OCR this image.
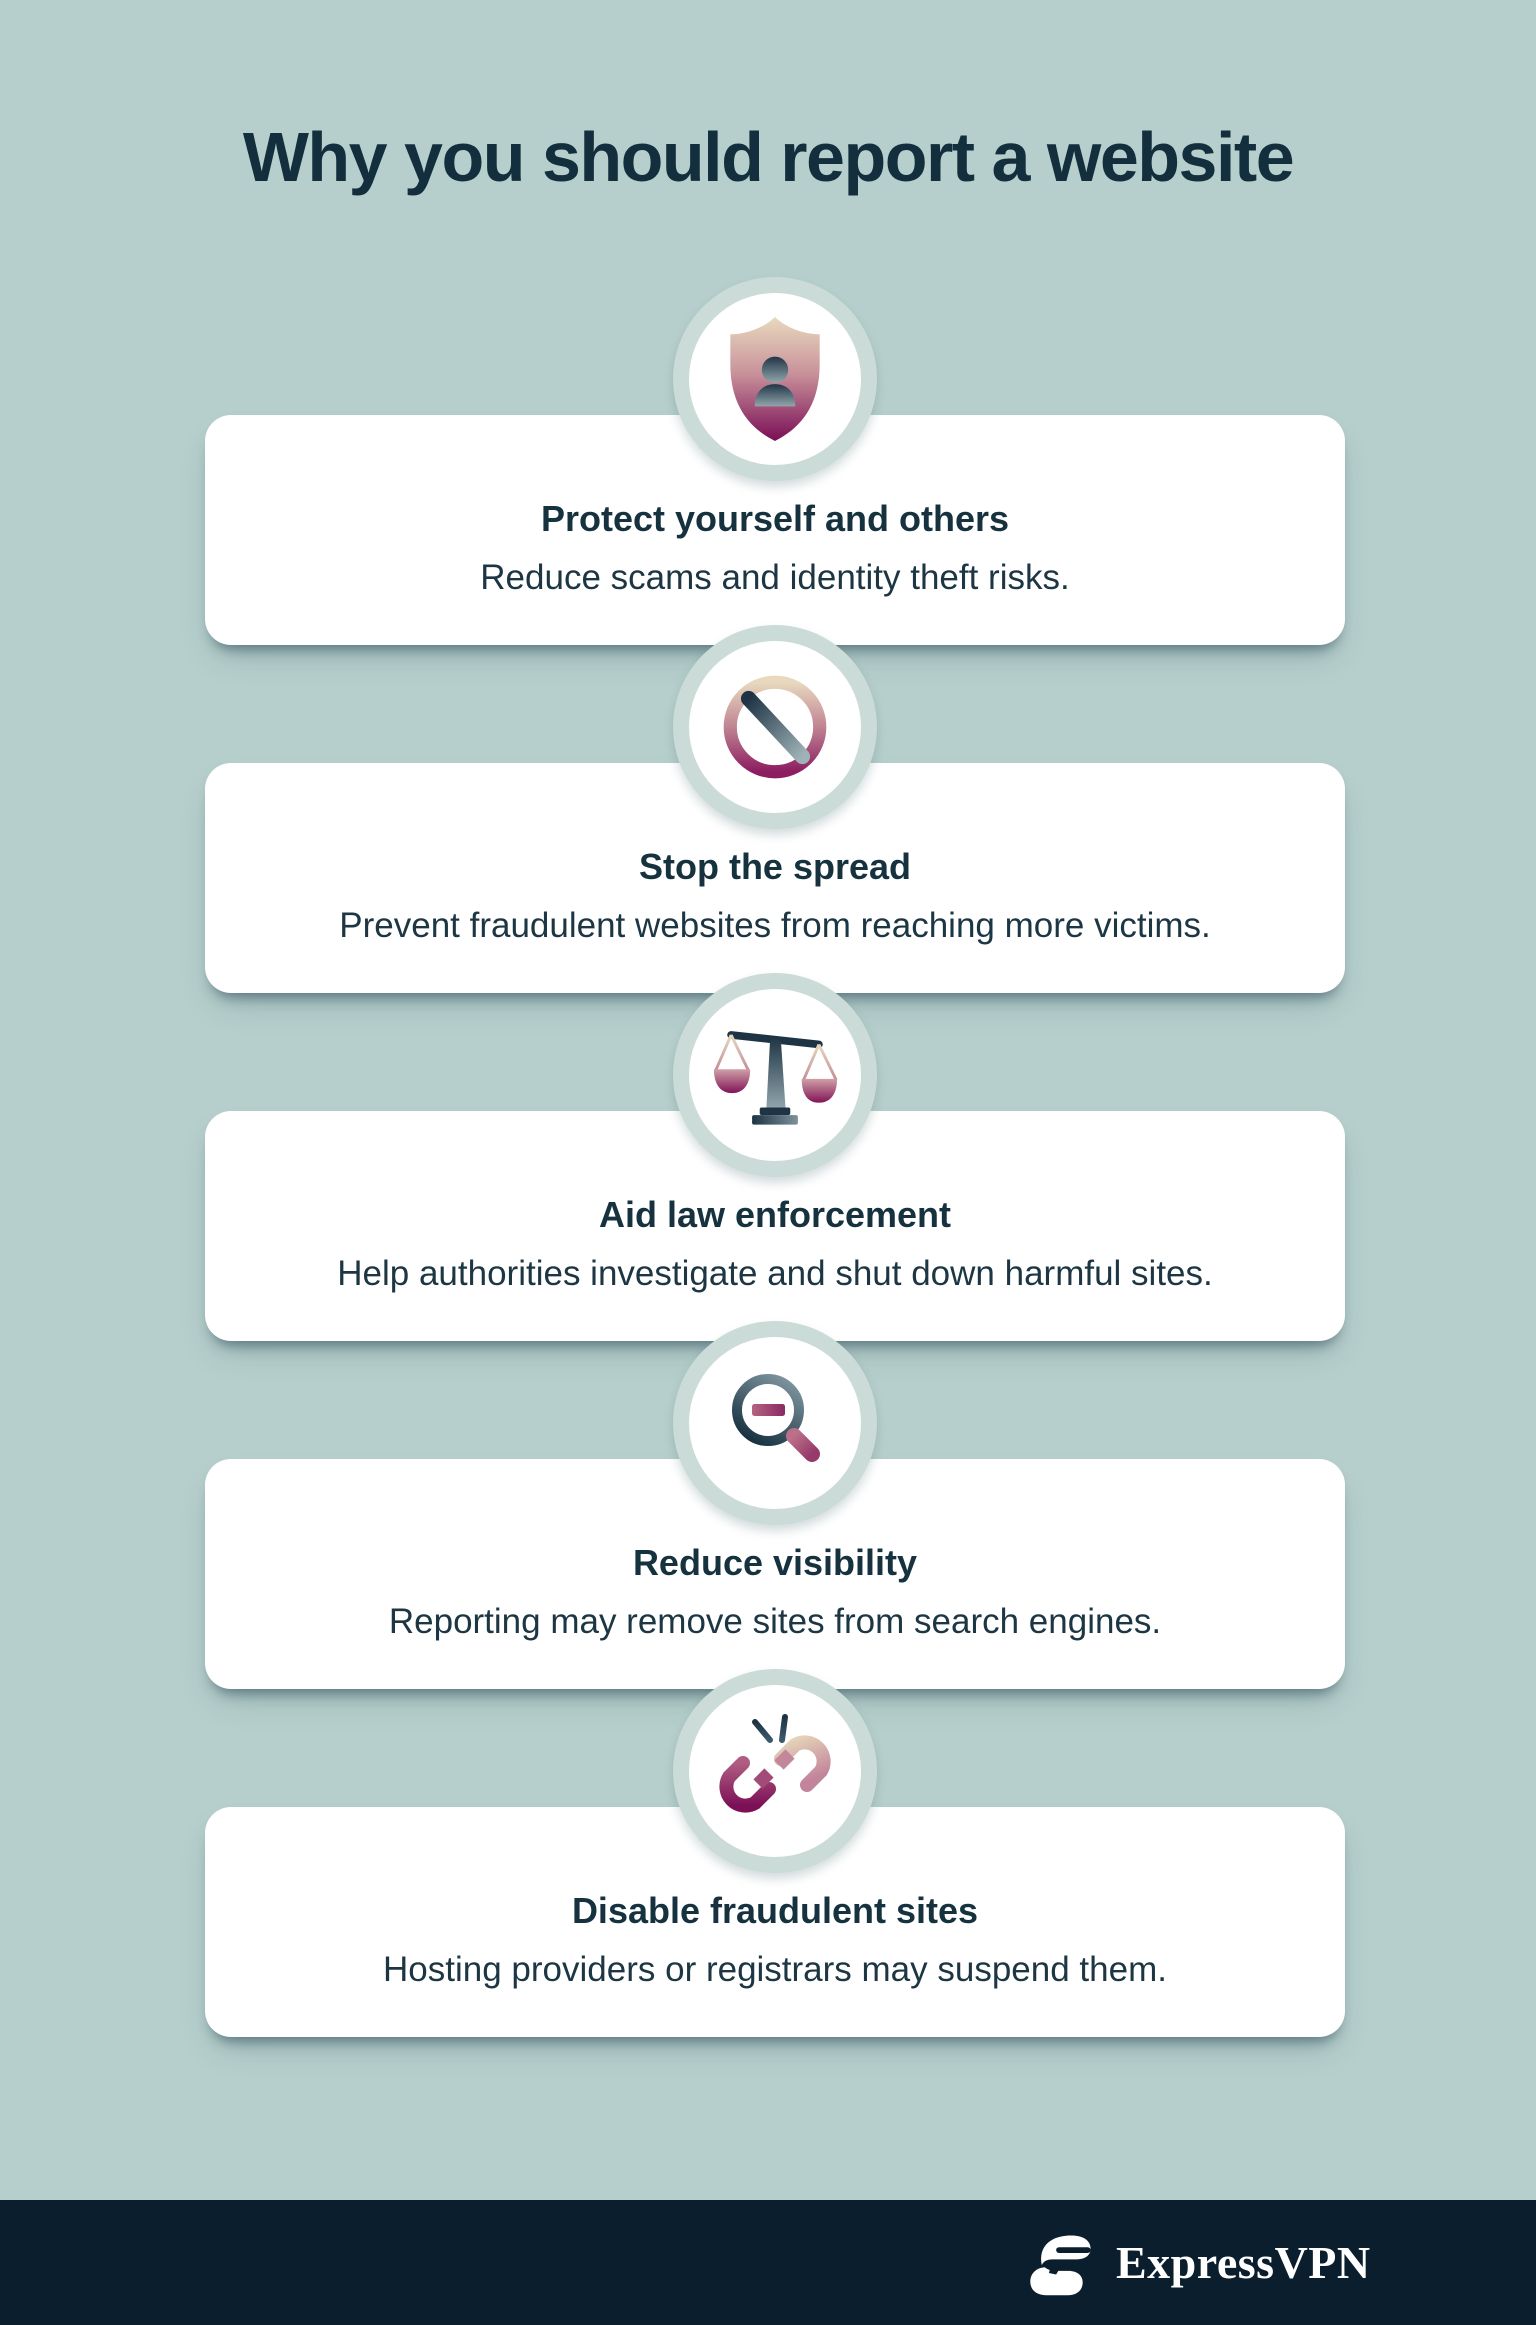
Why you should report a website
Protect yourself and others

Reduce scams and identity theft risks.

Stop the spread

Prevent fraudulent websites from reaching more victims.

Aid law enforcement

Help authorities investigate and shut down harmful sites.

Reduce visibility

Reporting may remove sites from search engines.

Disable fraudulent sites

Hosting providers or registrars may suspend them.

ExpressVPN
